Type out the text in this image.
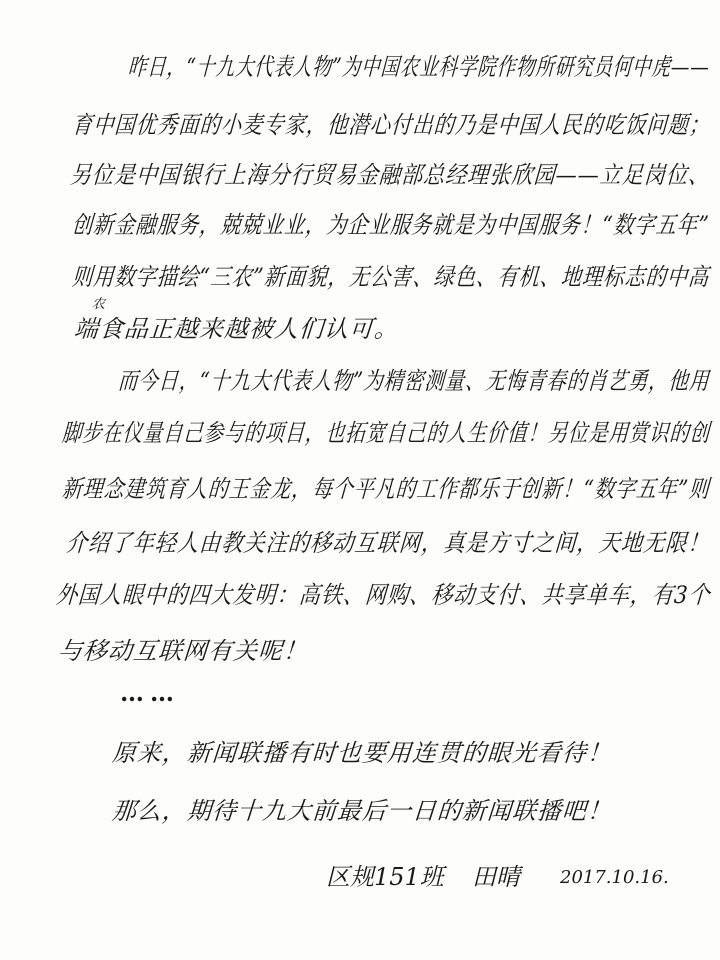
昨日，“十九大代表人物”为中国农业科学院作物所研究员何中虎——
育中国优秀面的小麦专家，他潜心付出的乃是中国人民的吃饭问题；
另位是中国银行上海分行贸易金融部总经理张欣园——立足岗位、
创新金融服务，兢兢业业，为企业服务就是为中国服务！“数字五年”
则用数字描绘“三农”新面貌，无公害、绿色、有机、地理标志的中高
农
端食品正越来越被人们认可。
而今日，“十九大代表人物”为精密测量、无悔青春的肖艺勇，他用
脚步在仪量自己参与的项目，也拓宽自己的人生价值！另位是用赏识的创
新理念建筑育人的王金龙，每个平凡的工作都乐于创新！“数字五年”则
介绍了年轻人由教关注的移动互联网，真是方寸之间，天地无限！
外国人眼中的四大发明：高铁、网购、移动支付、共享单车，有3个
与移动互联网有关呢！
……
原来，新闻联播有时也要用连贯的眼光看待！
那么，期待十九大前最后一日的新闻联播吧！
区规151班 田晴 2017.10.16.
